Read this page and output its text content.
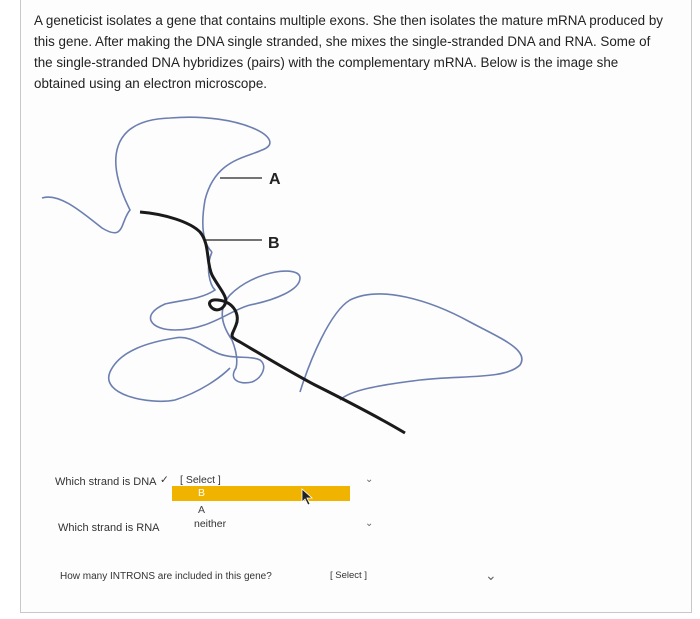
A geneticist isolates a gene that contains multiple exons. She then isolates the mature mRNA produced by this gene. After making the DNA single stranded, she mixes the single-stranded DNA and RNA. Some of the single-stranded DNA hybridizes (pairs) with the complementary mRNA. Below is the image she obtained using an electron microscope.
A
B
Which strand is DNA ✓ [ Select ]	⌄
B
A
Which strand is RNA	neither	⌄
How many INTRONS are included in this gene?	[ Select ]	⌄
